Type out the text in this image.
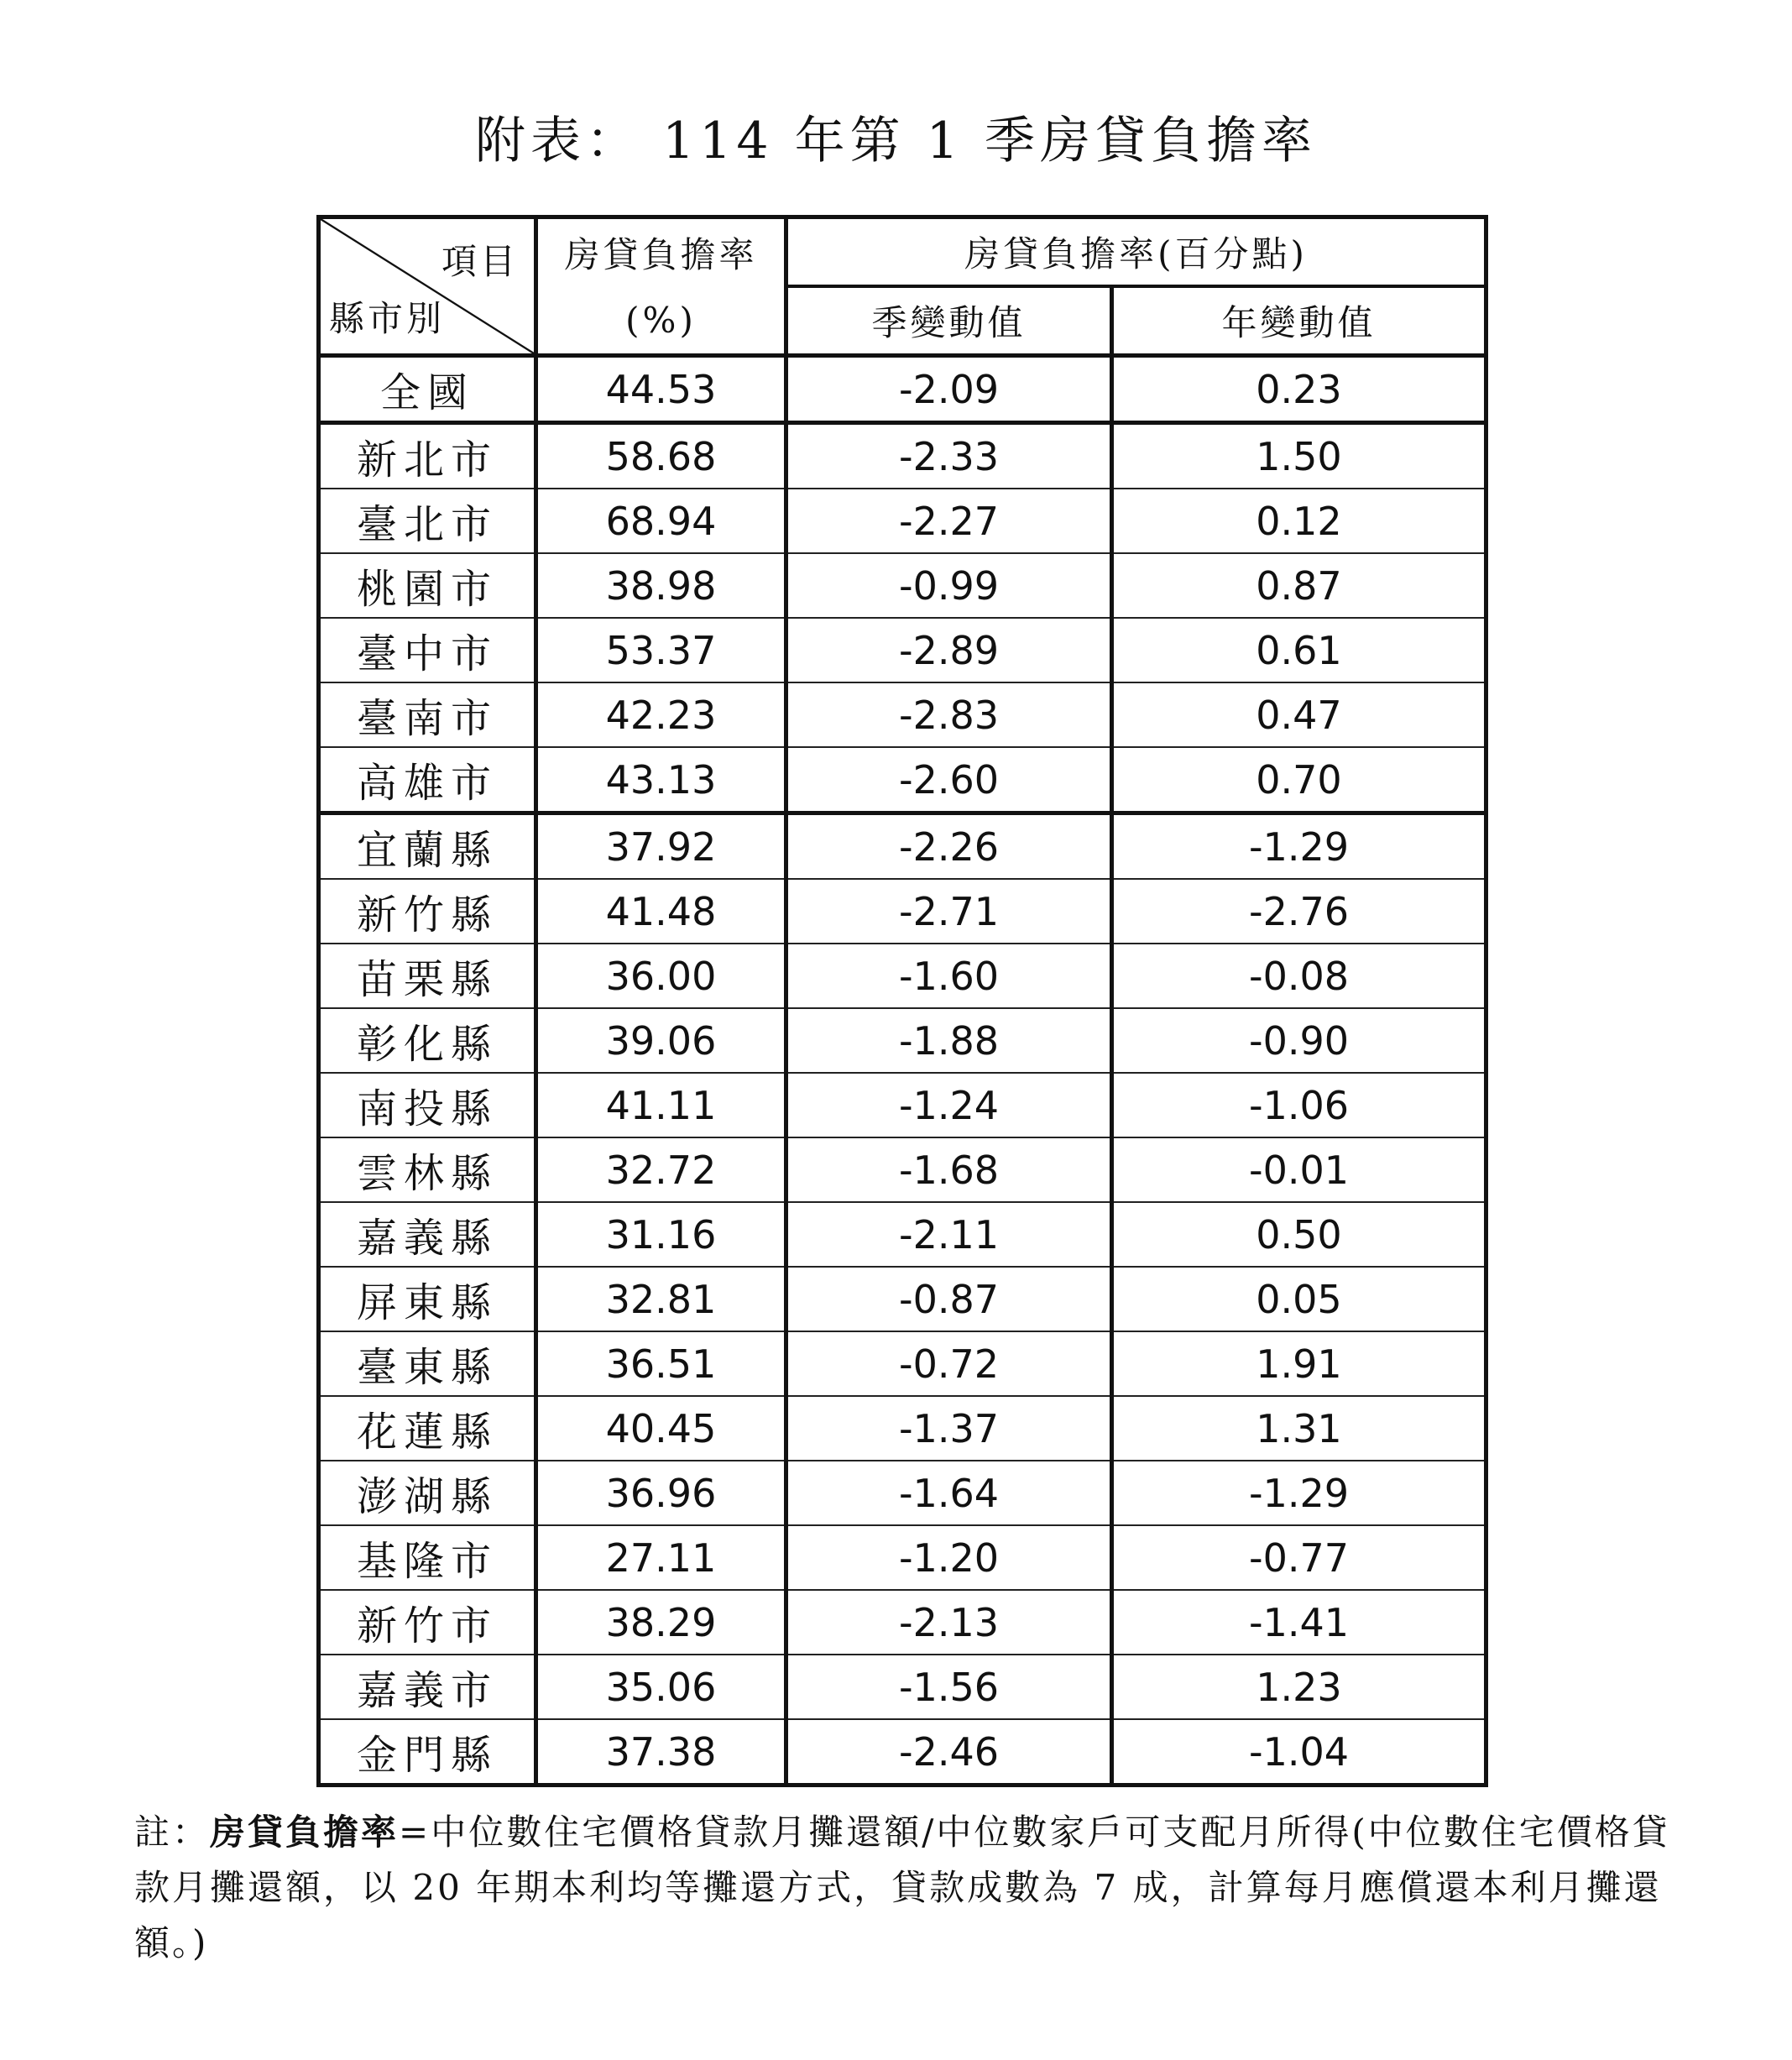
附表： 114 年第 1 季房貸負擔率
項目
縣市別	房貸負擔率	房貸負擔率(百分點)	
	(%)	季變動值	年變動值
全國	44.53	-2.09	0.23
新北市	58.68	-2.33	1.50
臺北市	68.94	-2.27	0.12
桃園市	38.98	-0.99	0.87
臺中市	53.37	-2.89	0.61
臺南市	42.23	-2.83	0.47
高雄市	43.13	-2.60	0.70
宜蘭縣	37.92	-2.26	-1.29
新竹縣	41.48	-2.71	-2.76
苗栗縣	36.00	-1.60	-0.08
彰化縣	39.06	-1.88	-0.90
南投縣	41.11	-1.24	-1.06
雲林縣	32.72	-1.68	-0.01
嘉義縣	31.16	-2.11	0.50
屏東縣	32.81	-0.87	0.05
臺東縣	36.51	-0.72	1.91
花蓮縣	40.45	-1.37	1.31
澎湖縣	36.96	-1.64	-1.29
基隆市	27.11	-1.20	-0.77
新竹市	38.29	-2.13	-1.41
嘉義市	35.06	-1.56	1.23
金門縣	37.38	-2.46	-1.04
註：房貸負擔率=中位數住宅價格貸款月攤還額/中位數家戶可支配月所得(中位數住宅價格貸款月攤還額，以 20 年期本利均等攤還方式，貸款成數為 7 成，計算每月應償還本利月攤還額。)
